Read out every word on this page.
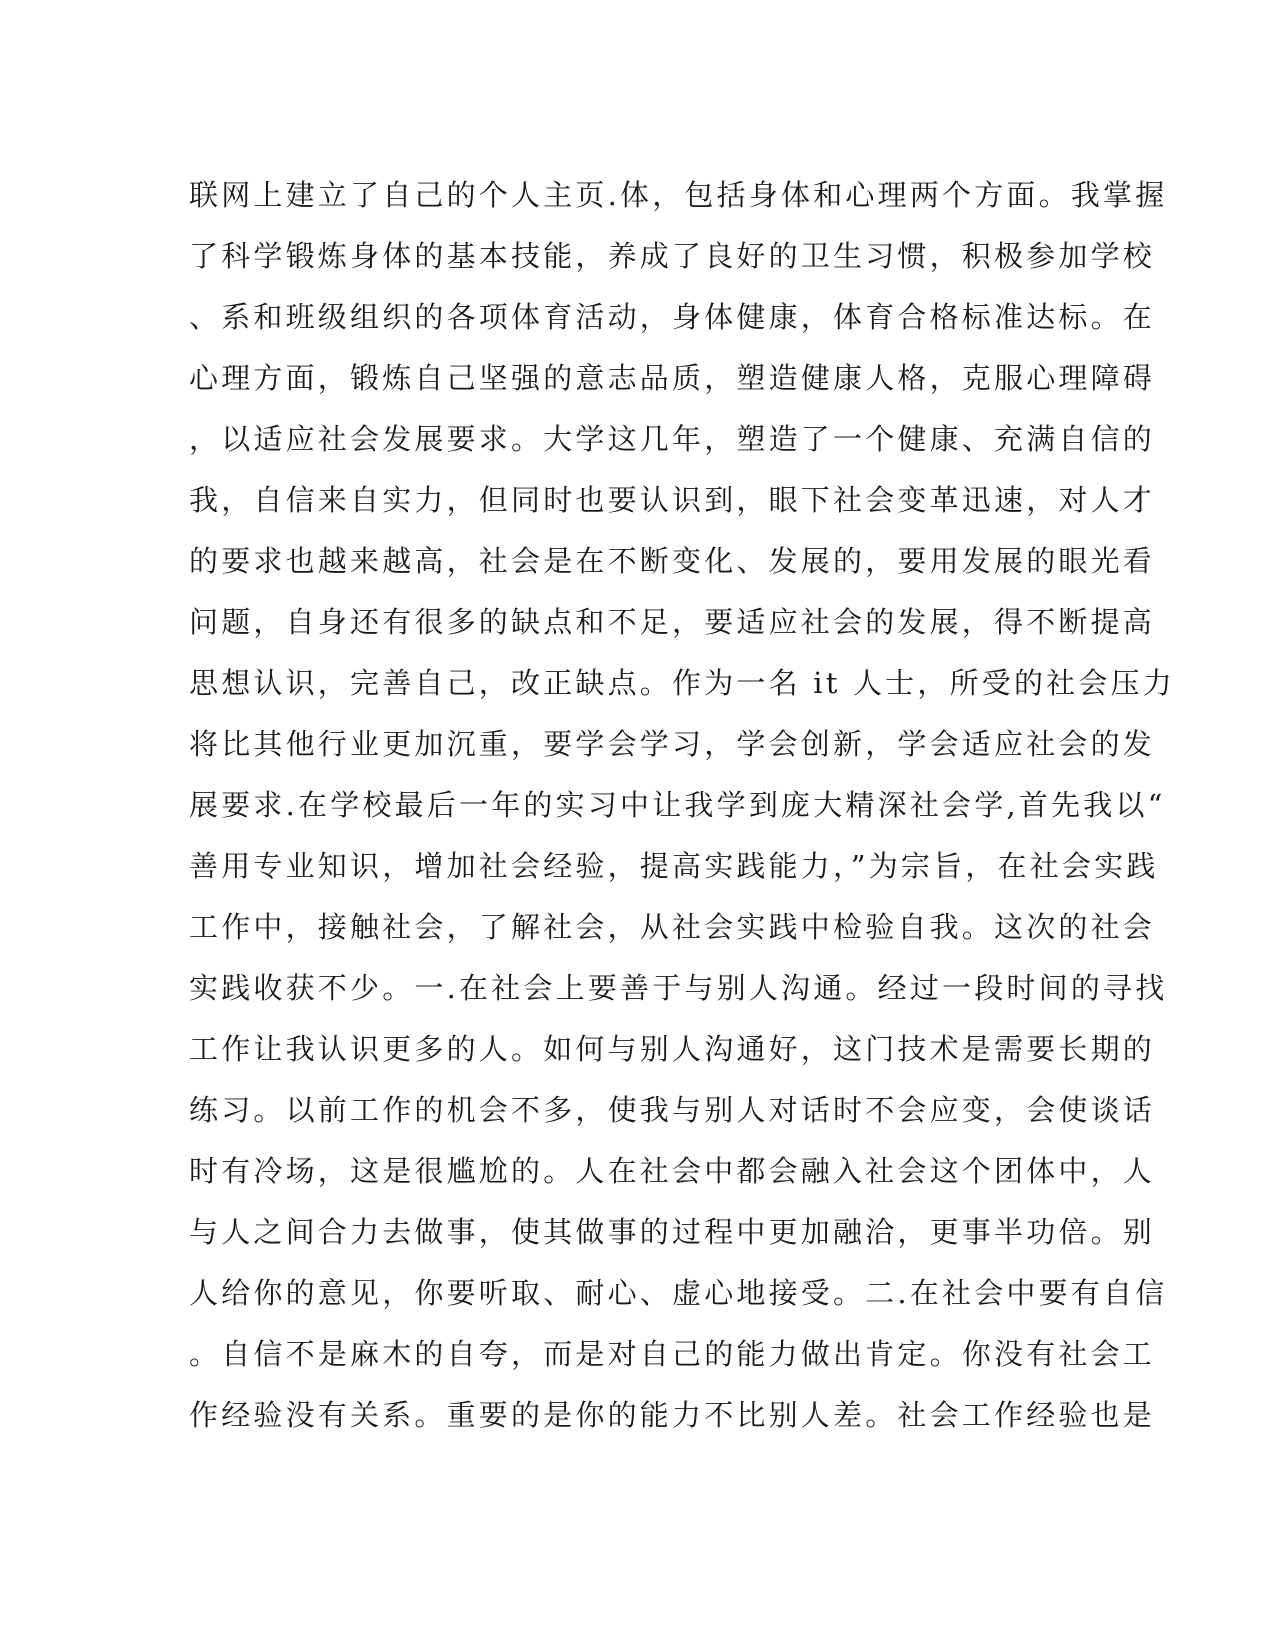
联网上建立了自己的个人主页.体，包括身体和心理两个方面。我掌握
了科学锻炼身体的基本技能，养成了良好的卫生习惯，积极参加学校
、系和班级组织的各项体育活动，身体健康，体育合格标准达标。在
心理方面，锻炼自己坚强的意志品质，塑造健康人格，克服心理障碍
，以适应社会发展要求。大学这几年，塑造了一个健康、充满自信的
我，自信来自实力，但同时也要认识到，眼下社会变革迅速，对人才
的要求也越来越高，社会是在不断变化、发展的，要用发展的眼光看
问题，自身还有很多的缺点和不足，要适应社会的发展，得不断提高
思想认识，完善自己，改正缺点。作为一名 it 人士，所受的社会压力
将比其他行业更加沉重，要学会学习，学会创新，学会适应社会的发
展要求.在学校最后一年的实习中让我学到庞大精深社会学,首先我以“
善用专业知识，增加社会经验，提高实践能力，”为宗旨，在社会实践
工作中，接触社会，了解社会，从社会实践中检验自我。这次的社会
实践收获不少。一.在社会上要善于与别人沟通。经过一段时间的寻找
工作让我认识更多的人。如何与别人沟通好，这门技术是需要长期的
练习。以前工作的机会不多，使我与别人对话时不会应变，会使谈话
时有冷场，这是很尴尬的。人在社会中都会融入社会这个团体中，人
与人之间合力去做事，使其做事的过程中更加融洽，更事半功倍。别
人给你的意见，你要听取、耐心、虚心地接受。二.在社会中要有自信
。自信不是麻木的自夸，而是对自己的能力做出肯定。你没有社会工
作经验没有关系。重要的是你的能力不比别人差。社会工作经验也是
